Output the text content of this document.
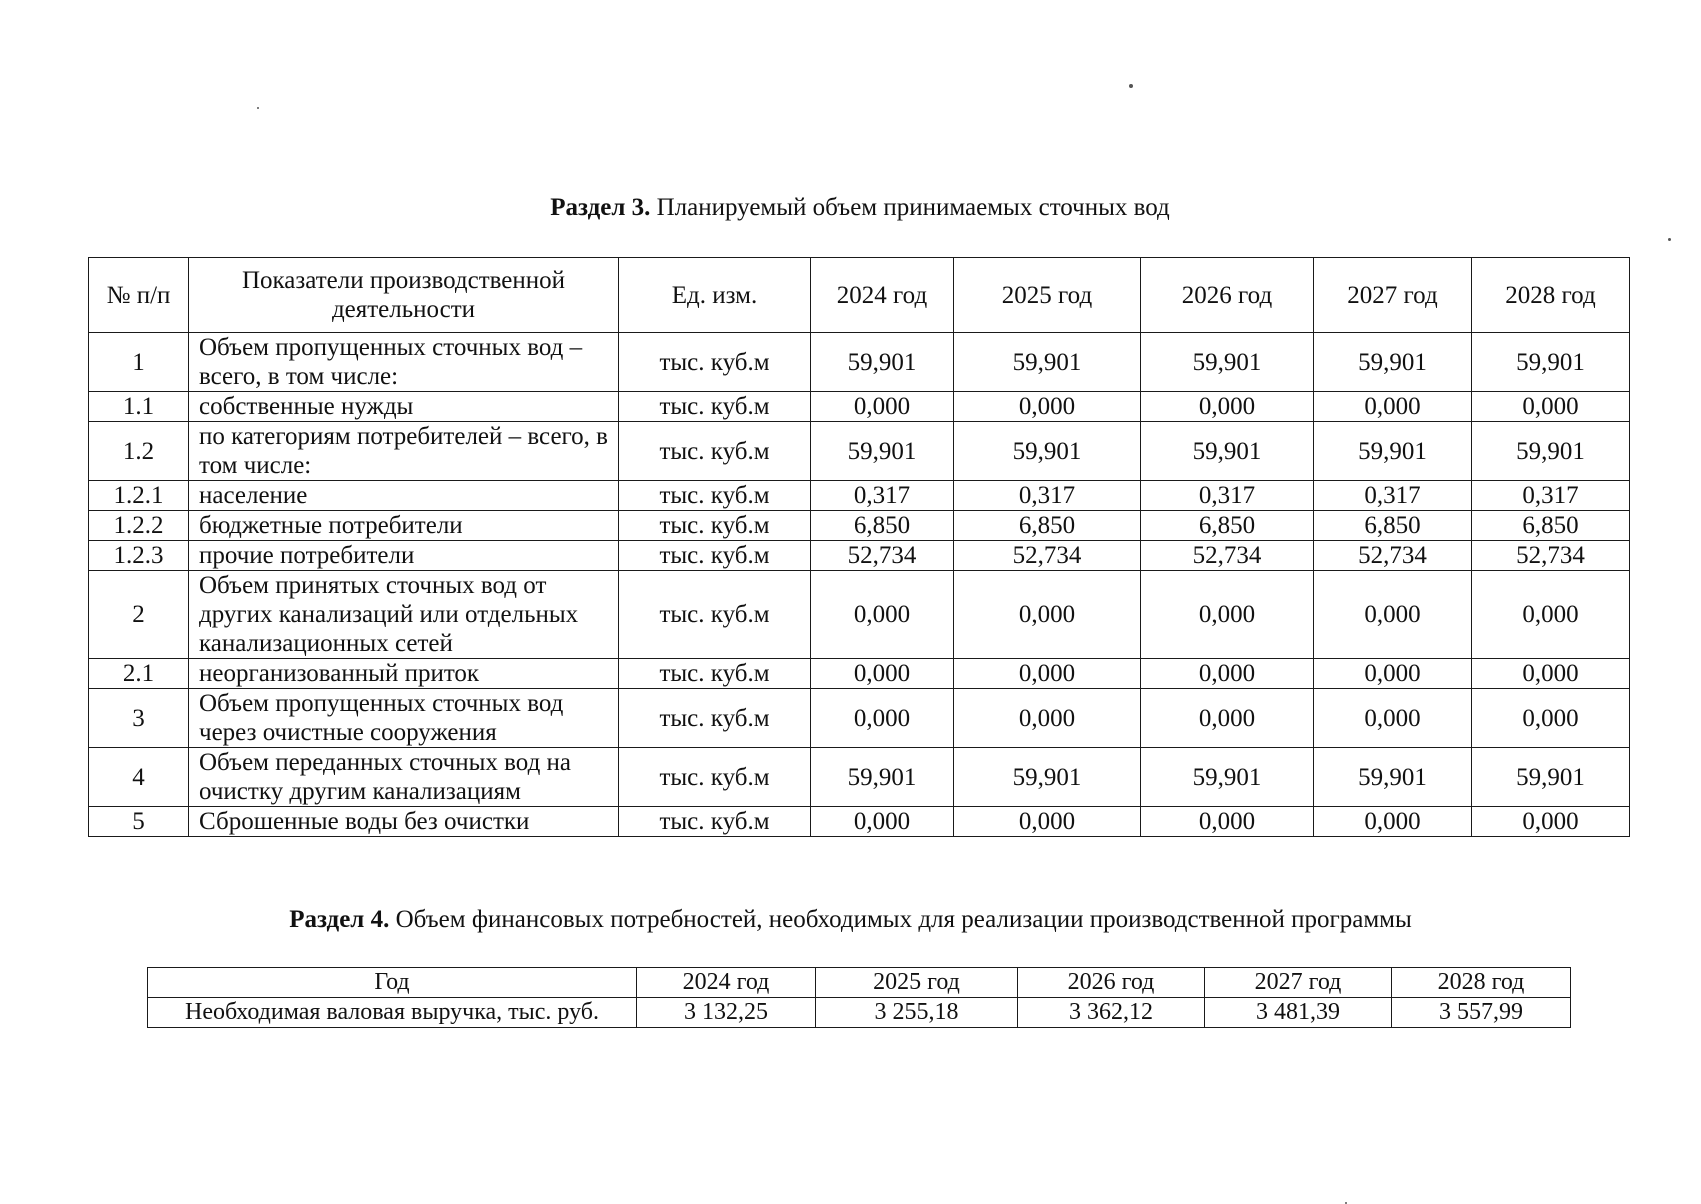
Раздел 3. Планируемый объем принимаемых сточных вод
№ п/п	Показатели производственной деятельности	Ед. изм.	2024 год	2025 год	2026 год	2027 год	2028 год
1	Объем пропущенных сточных вод – всего, в том числе:	тыс. куб.м	59,901	59,901	59,901	59,901	59,901
1.1	собственные нужды	тыс. куб.м	0,000	0,000	0,000	0,000	0,000
1.2	по категориям потребителей – всего, в том числе:	тыс. куб.м	59,901	59,901	59,901	59,901	59,901
1.2.1	население	тыс. куб.м	0,317	0,317	0,317	0,317	0,317
1.2.2	бюджетные потребители	тыс. куб.м	6,850	6,850	6,850	6,850	6,850
1.2.3	прочие потребители	тыс. куб.м	52,734	52,734	52,734	52,734	52,734
2	Объем принятых сточных вод от других канализаций или отдельных канализационных сетей	тыс. куб.м	0,000	0,000	0,000	0,000	0,000
2.1	неорганизованный приток	тыс. куб.м	0,000	0,000	0,000	0,000	0,000
3	Объем пропущенных сточных вод через очистные сооружения	тыс. куб.м	0,000	0,000	0,000	0,000	0,000
4	Объем переданных сточных вод на очистку другим канализациям	тыс. куб.м	59,901	59,901	59,901	59,901	59,901
5	Сброшенные воды без очистки	тыс. куб.м	0,000	0,000	0,000	0,000	0,000
Раздел 4. Объем финансовых потребностей, необходимых для реализации производственной программы
Год	2024 год	2025 год	2026 год	2027 год	2028 год
Необходимая валовая выручка, тыс. руб.	3 132,25	3 255,18	3 362,12	3 481,39	3 557,99
